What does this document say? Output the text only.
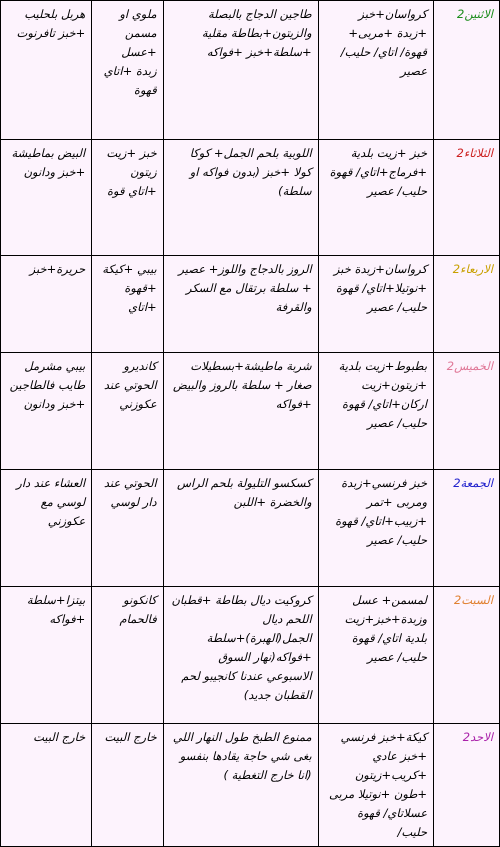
الاثنين2	كرواسان+خبز +زبدة +مربى+ قهوة/ اتاي/ حليب/عصير	طاجين الدجاج بالبصلة والزيتون+بطاطة مقلية +سلطة+خبز +فواكه	ملوي او مسمن +عسل زبدة +اتاي قهوة	هربل بلحليب +خبز تافرنوت
الثلاثاء2	خبز +زيت بلدية +فرماج+اتاي/ قهوة حليب/ عصير	اللوبية بلحم الجمل+ كوكا كولا +خبز (بدون فواكه او سلطة)	خبز +زيت زيتون +اتاي قوة	البيض بماطيشة +خبز ودانون
الاربعاء2	كرواسان+زبدة خبز +نوتيلا+اتاي/ قهوة حليب/ عصير	الروز بالدجاج واللوز+ عصير + سلطة برتقال مع السكر والقرفة	بيبي +كيكة +قهوة +اتاي	حريرة+خبز
الخميس2	بطبوط+زيت بلدية +زيتون+زيت اركان+اتاي/ قهوة حليب/ عصير	شربة ماطيشة+بسطيلات صغار + سلطة بالروز والبيض +فواكه	كانديرو الحوتي عند عكوزني	بيبي مشرمل طايب فالطاجين +خبز ودانون
الجمعة2	خبز فرنسي+زبدة ومربى +تمر +زبيب+اتاي/ قهوة حليب/ عصير	كسكسو التليولة بلحم الراس والخضرة +اللبن	الحوتي عند دار لوسي	العشاء عند دار لوسي مع عكوزني
السبت2	لمسمن+ عسل وزبدة+خبز+زيت بلدية اتاي/ قهوة حليب/ عصير	كروكيت ديال بطاطة +قطبان اللحم ديال الجمل(الهبرة)+سلطة +فواكه(نهار السوق الاسبوعي عندنا كانجيبو لحم القطبان جديد)	كانكونو فالحمام	بيتزا+سلطة +فواكه
الاحد2	كيكة+خبز فرنسي +خبز عادي +كريب+زيتون +طون +نوتيلا مربى عسلاتاي/ قهوة حليب/	ممنوع الطبخ طول النهار اللي بغى شي حاجة يقادها بنفسو (انا خارج التغطية )	خارج البيت	خارج البيت
